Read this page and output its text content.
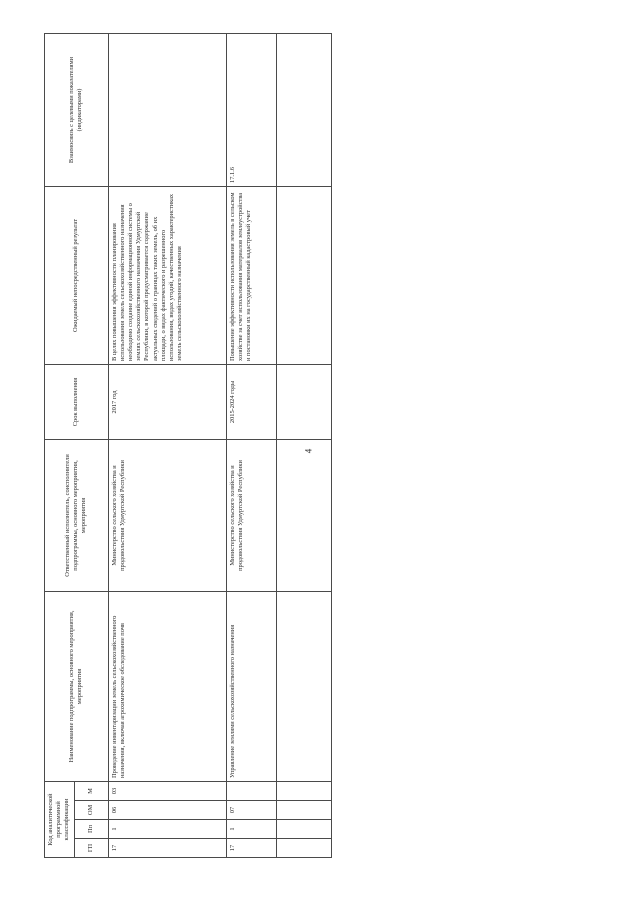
4
Код аналитической программной классификации				Наименование подпрограммы, основного мероприятия, мероприятия	Ответственный исполнитель, соисполнители подпрограммы, основного мероприятия, мероприятия	Срок выполнения	Ожидаемый непосредственный результат	Взаимосвязь с целевыми показателями (индикаторами)
ГП	Пп	ОМ	М					
17	1	06	03	Проведение инвентаризации земель сельскохозяйственного назначения, включая агрохимическое обследование почв	Министерство сельского хозяйства и продовольствия Удмуртской Республики	2017 год	В целях повышения эффективности планирования использования земель сельскохозяйственного назначения необходимо создание единой информационной системы о землях сельскохозяйственного назначения Удмуртской Республики, в которой предусматривается содержание актуальных сведений о границах таких земель, об их площади, о видах фактического и разрешенного использования, видах угодий, качественных характеристиках земель сельскохозяйственного назначения	
17	1	07		Управление землями сельскохозяйственного назначения	Министерство сельского хозяйства и продовольствия Удмуртской Республики	2015-2024 годы	Повышение эффективности использования земель в сельском хозяйстве за счет использования материалов землеустройства и постановки их на государственный кадастровый учет	17.1.6
